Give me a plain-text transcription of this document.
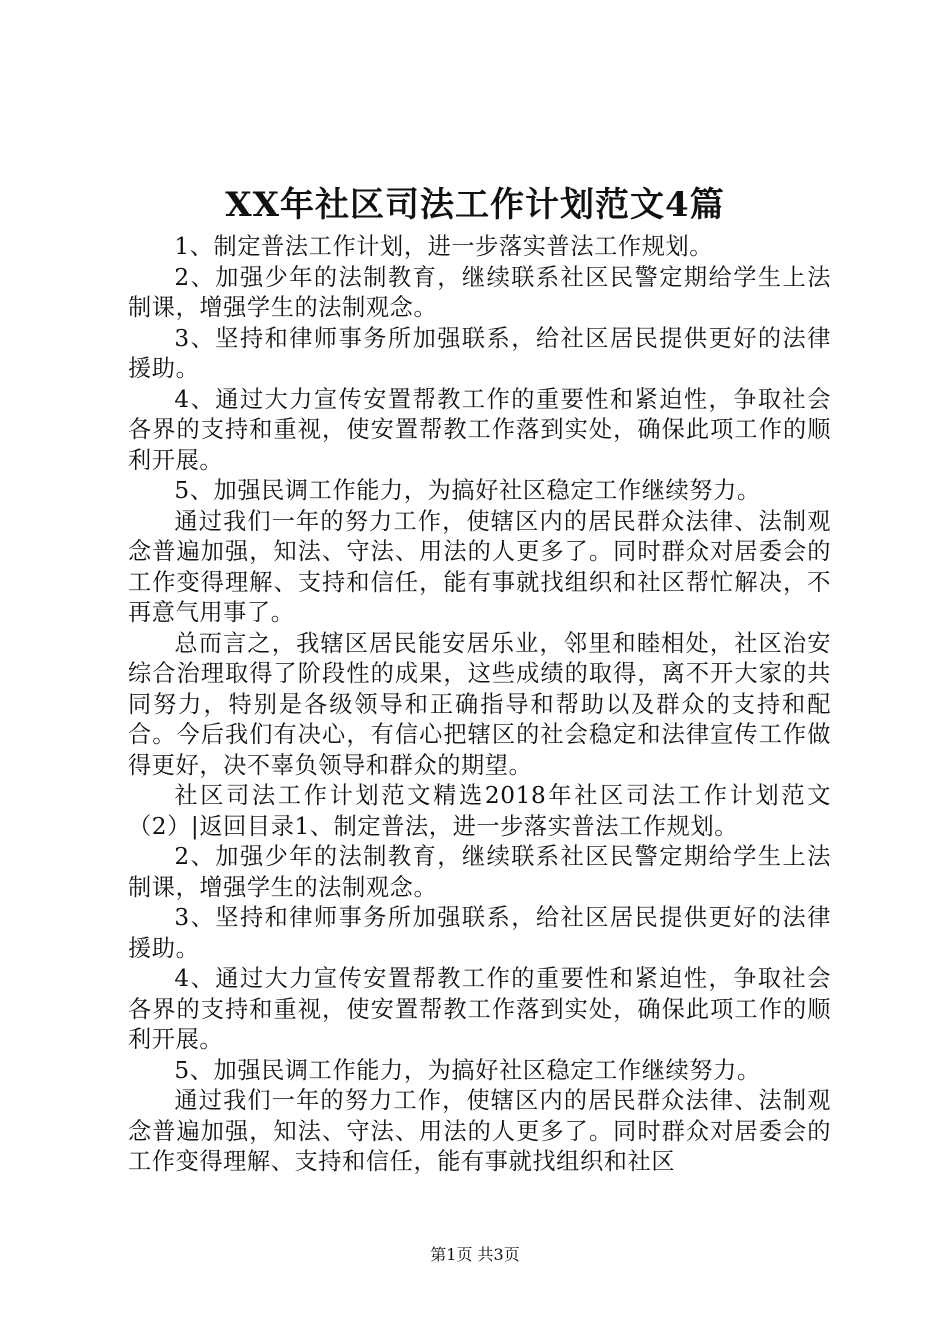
XX年社区司法工作计划范文4篇

1、制定普法工作计划，进一步落实普法工作规划。

2、加强少年的法制教育，继续联系社区民警定期给学生上法制课，增强学生的法制观念。

3、坚持和律师事务所加强联系，给社区居民提供更好的法律援助。

4、通过大力宣传安置帮教工作的重要性和紧迫性，争取社会各界的支持和重视，使安置帮教工作落到实处，确保此项工作的顺利开展。

5、加强民调工作能力，为搞好社区稳定工作继续努力。

通过我们一年的努力工作，使辖区内的居民群众法律、法制观念普遍加强，知法、守法、用法的人更多了。同时群众对居委会的工作变得理解、支持和信任，能有事就找组织和社区帮忙解决，不再意气用事了。

总而言之，我辖区居民能安居乐业，邻里和睦相处，社区治安综合治理取得了阶段性的成果，这些成绩的取得，离不开大家的共同努力，特别是各级领导和正确指导和帮助以及群众的支持和配合。今后我们有决心，有信心把辖区的社会稳定和法律宣传工作做得更好，决不辜负领导和群众的期望。

社区司法工作计划范文精选2018年社区司法工作计划范文（2）|返回目录1、制定普法，进一步落实普法工作规划。

2、加强少年的法制教育，继续联系社区民警定期给学生上法制课，增强学生的法制观念。

3、坚持和律师事务所加强联系，给社区居民提供更好的法律援助。

4、通过大力宣传安置帮教工作的重要性和紧迫性，争取社会各界的支持和重视，使安置帮教工作落到实处，确保此项工作的顺利开展。

5、加强民调工作能力，为搞好社区稳定工作继续努力。

通过我们一年的努力工作，使辖区内的居民群众法律、法制观念普遍加强，知法、守法、用法的人更多了。同时群众对居委会的工作变得理解、支持和信任，能有事就找组织和社区

第1页 共3页
